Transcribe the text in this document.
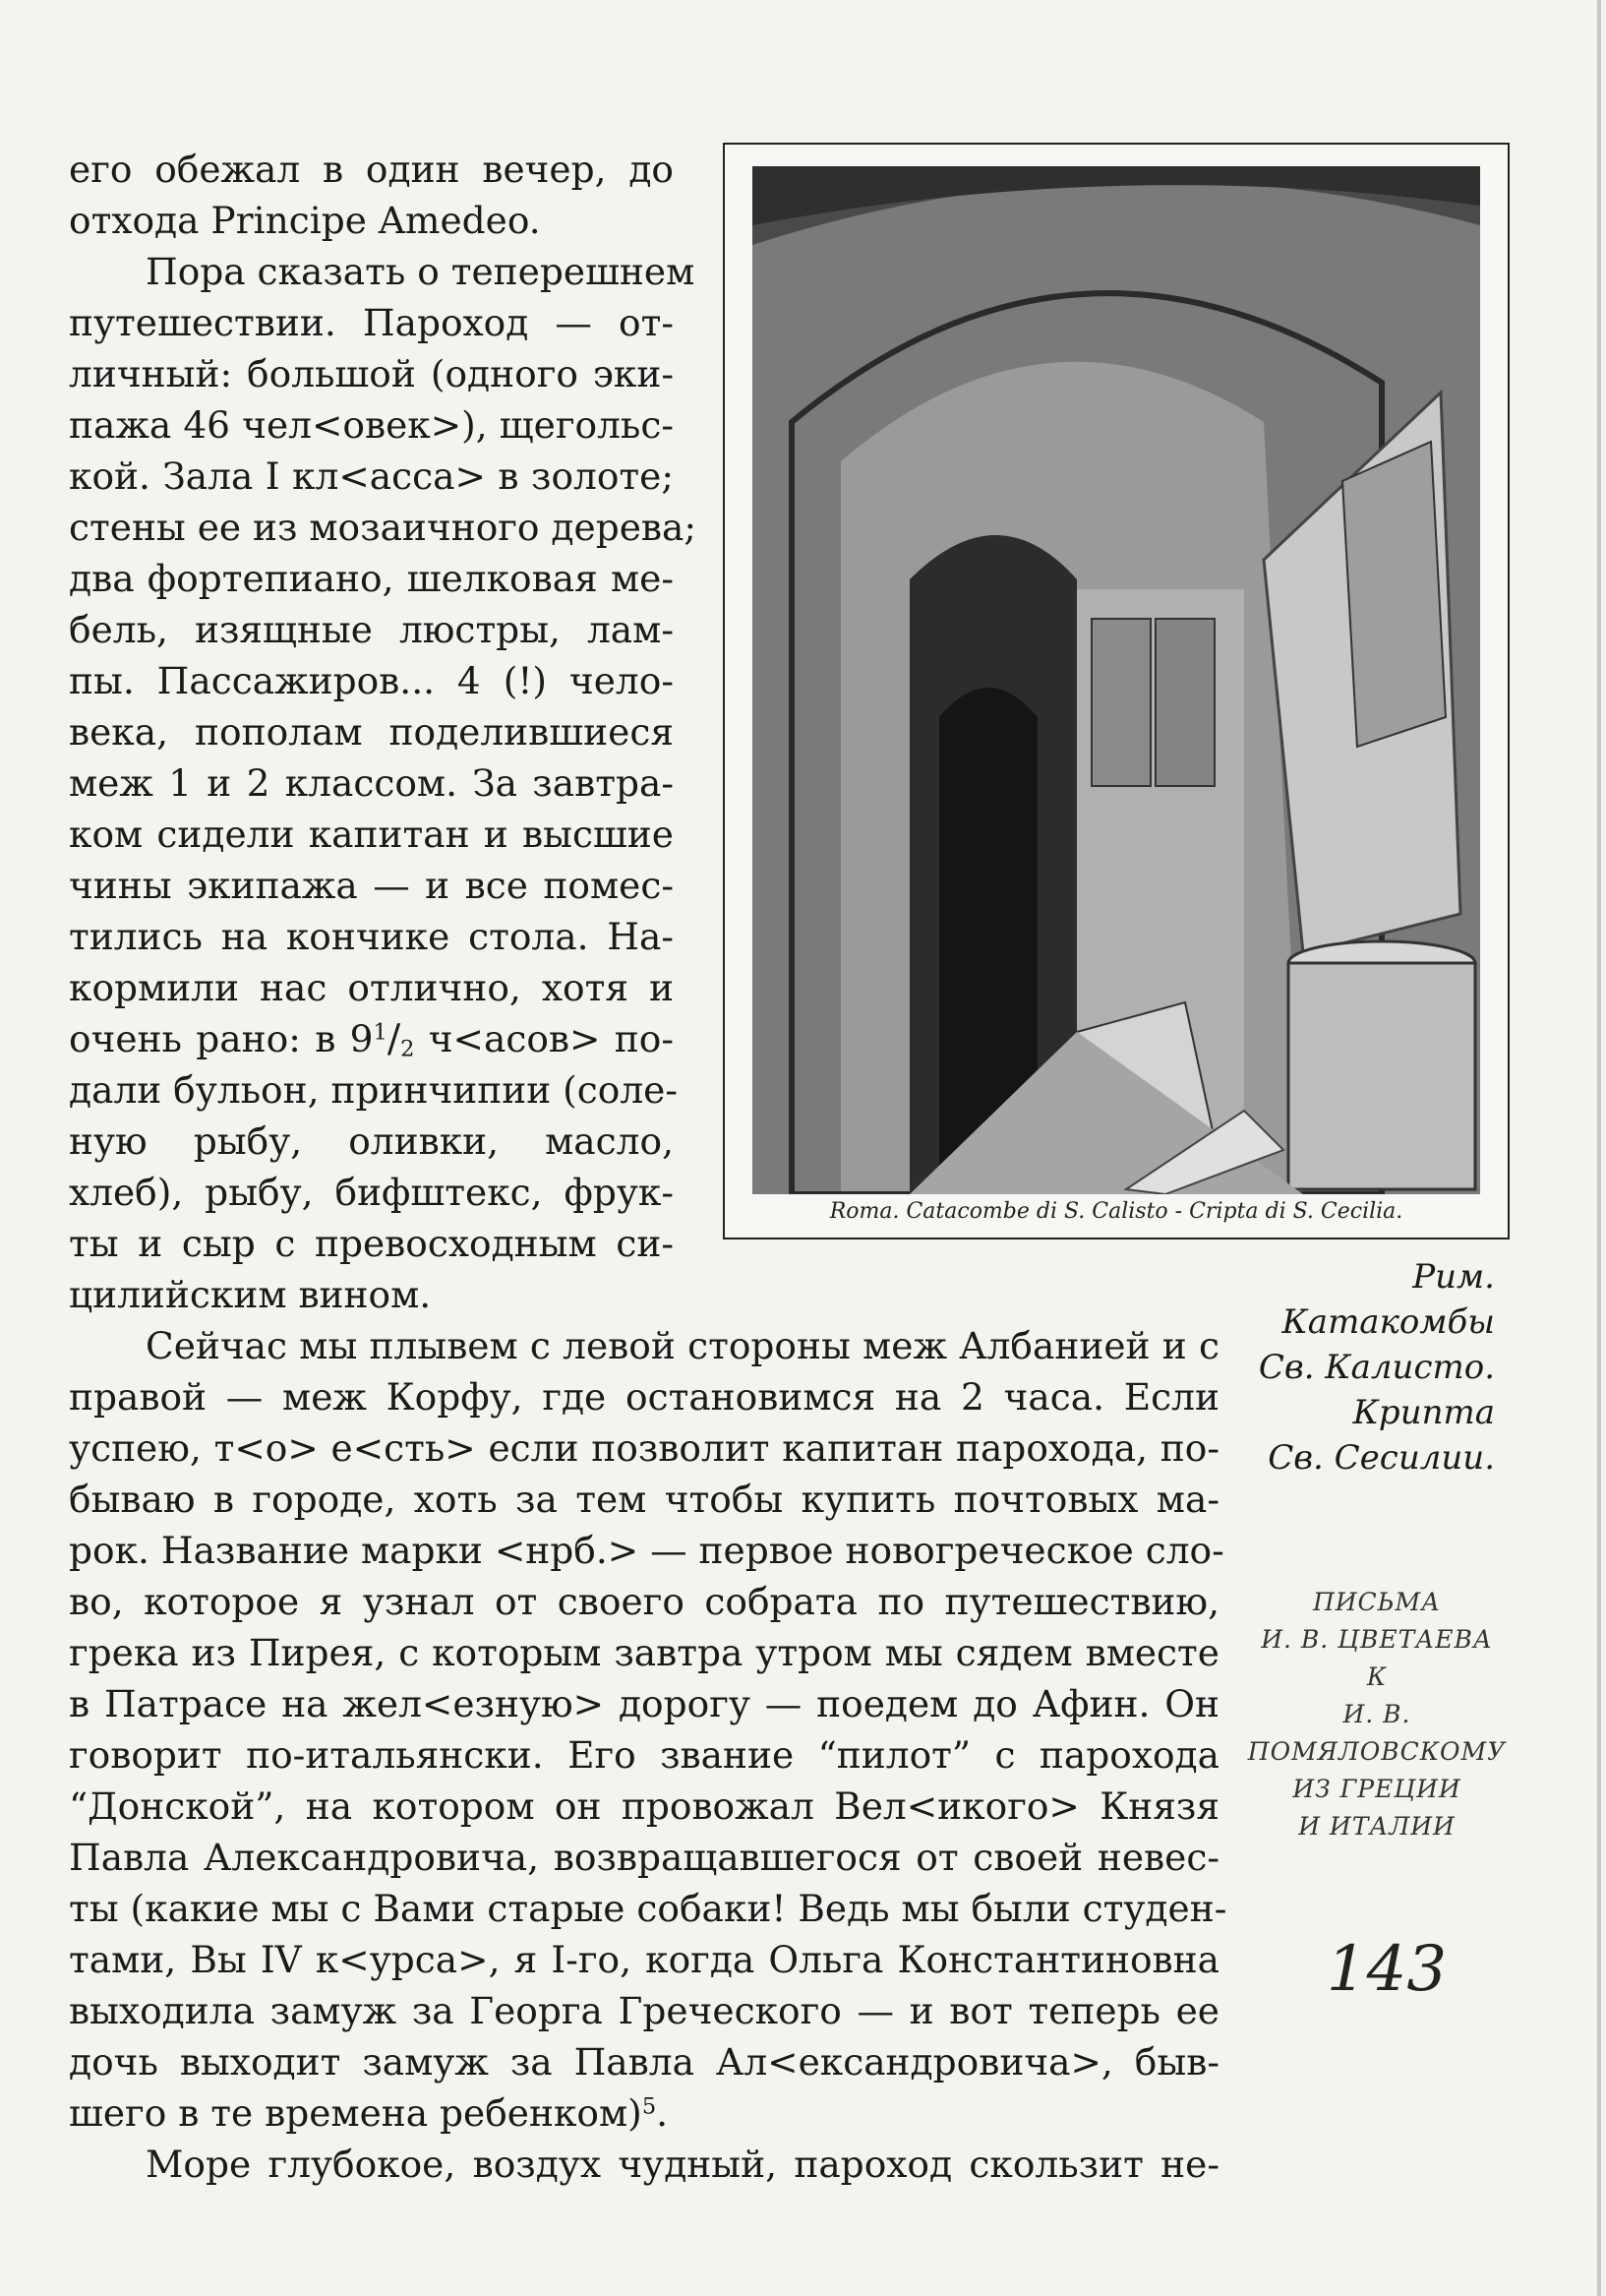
его обежал в один вечер, до
отхода Principe Amedeo.
Пора сказать о теперешнем
путешествии. Пароход — от-
личный: большой (одного эки-
пажа 46 чел<овек>), щегольс-
кой. Зала I кл<асса> в золоте;
стены ее из мозаичного дерева;
два фортепиано, шелковая ме-
бель, изящные люстры, лам-
пы. Пассажиров... 4 (!) чело-
века, пополам поделившиеся
меж 1 и 2 классом. За завтра-
ком сидели капитан и высшие
чины экипажа — и все помес-
тились на кончике стола. На-
кормили нас отлично, хотя и
очень рано: в $9^1/_2$ ч<асов> по-
дали бульон, принчипии (соле-
ную рыбу, оливки, масло,
хлеб), рыбу, бифштекс, фрук-
ты и сыр с превосходным си-
цилийским вином.
Сейчас мы плывем с левой стороны меж Албанией и с
правой — меж Корфу, где остановимся на 2 часа. Если
успею, т<о> е<сть> если позволит капитан парохода, по-
бываю в городе, хоть за тем чтобы купить почтовых ма-
рок. Название марки <нрб.> — первое новогреческое сло-
во, которое я узнал от своего собрата по путешествию,
грека из Пирея, с которым завтра утром мы сядем вместе
в Патрасе на жел<езную> дорогу — поедем до Афин. Он
говорит по-итальянски. Его звание “пилот” с парохода
“Донской”, на котором он провожал Вел<икого> Князя
Павла Александровича, возвращавшегося от своей невес-
ты (какие мы с Вами старые собаки! Ведь мы были студен-
тами, Вы IV к<урса>, я I-го, когда Ольга Константиновна
выходила замуж за Георга Греческого — и вот теперь ее
дочь выходит замуж за Павла Ал<ександровича>, быв-
шего в те времена ребенком)$^5$.
Море глубокое, воздух чудный, пароход скользит не-
Roma. Catacombe di S. Calisto - Cripta di S. Cecilia.
Рим.
Катакомбы
Св. Калисто.
Крипта
Св. Сесилии.
ПИСЬМА
И. В. ЦВЕТАЕВА
К
И. В.
ПОМЯЛОВСКОМУ
ИЗ ГРЕЦИИ
И ИТАЛИИ
143
